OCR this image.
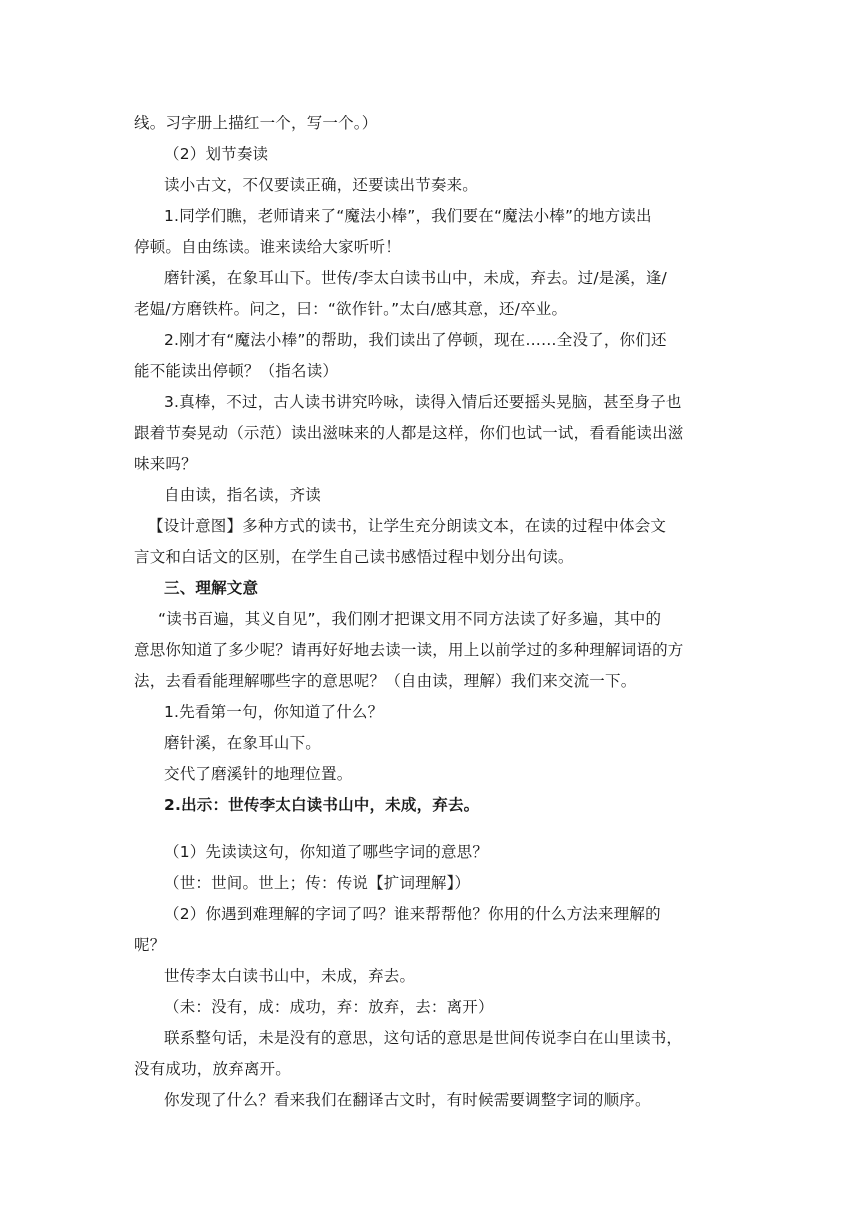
线。习字册上描红一个，写一个。）
（2）划节奏读
读小古文，不仅要读正确，还要读出节奏来。
1.同学们瞧，老师请来了“魔法小棒”，我们要在“魔法小棒”的地方读出
停顿。自由练读。谁来读给大家听听！
磨针溪，在象耳山下。世传/李太白读书山中，未成，弃去。过/是溪，逢/
老媪/方磨铁杵。问之，曰：“欲作针。”太白/感其意，还/卒业。
2.刚才有“魔法小棒”的帮助，我们读出了停顿，现在……全没了，你们还
能不能读出停顿？（指名读）
3.真棒，不过，古人读书讲究吟咏，读得入情后还要摇头晃脑，甚至身子也
跟着节奏晃动（示范）读出滋味来的人都是这样，你们也试一试，看看能读出滋
味来吗？
自由读，指名读，齐读
【设计意图】多种方式的读书，让学生充分朗读文本，在读的过程中体会文
言文和白话文的区别，在学生自己读书感悟过程中划分出句读。
三、理解文意
“读书百遍，其义自见”，我们刚才把课文用不同方法读了好多遍，其中的
意思你知道了多少呢？请再好好地去读一读，用上以前学过的多种理解词语的方
法，去看看能理解哪些字的意思呢？（自由读，理解）我们来交流一下。
1.先看第一句，你知道了什么？
磨针溪，在象耳山下。
交代了磨溪针的地理位置。
2.出示：世传李太白读书山中，未成，弃去。
（1）先读读这句，你知道了哪些字词的意思？
（世：世间。世上；传：传说【扩词理解】）
（2）你遇到难理解的字词了吗？谁来帮帮他？你用的什么方法来理解的
呢？
世传李太白读书山中，未成，弃去。
（未：没有，成：成功，弃：放弃，去：离开）
联系整句话，未是没有的意思，这句话的意思是世间传说李白在山里读书，
没有成功，放弃离开。
你发现了什么？看来我们在翻译古文时，有时候需要调整字词的顺序。
